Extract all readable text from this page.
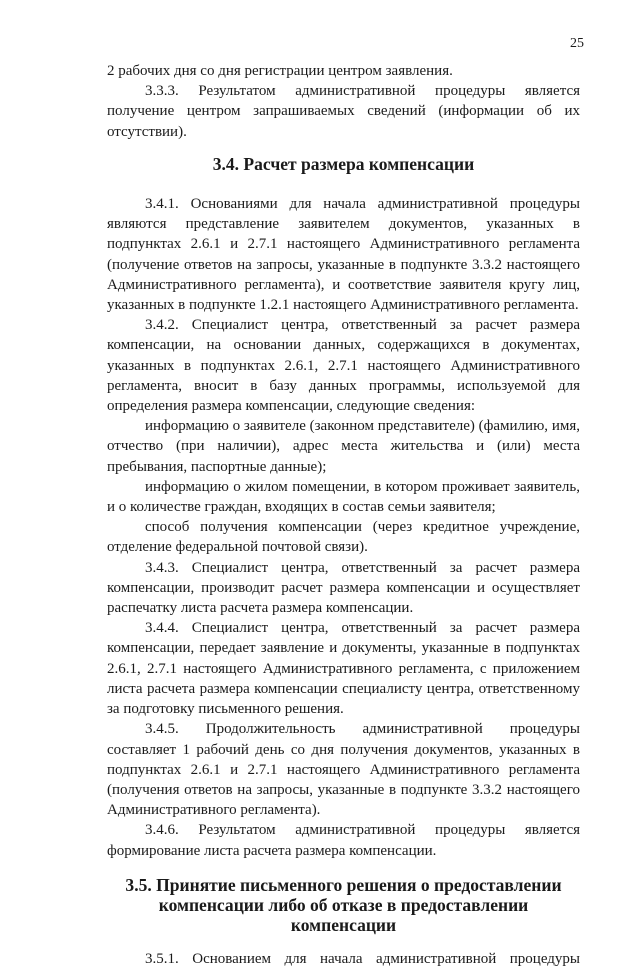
25

2 рабочих дня со дня регистрации центром заявления.

3.3.3. Результатом административной процедуры является получение центром запрашиваемых сведений (информации об их отсутствии).

3.4. Расчет размера компенсации

3.4.1. Основаниями для начала административной процедуры являются представление заявителем документов, указанных в подпунктах 2.6.1 и 2.7.1 настоящего Административного регламента (получение ответов на запросы, указанные в подпункте 3.3.2 настоящего Административного регламента), и соответствие заявителя кругу лиц, указанных в подпункте 1.2.1 настоящего Административного регламента.

3.4.2. Специалист центра, ответственный за расчет размера компенсации, на основании данных, содержащихся в документах, указанных в подпунктах 2.6.1, 2.7.1 настоящего Административного регламента, вносит в базу данных программы, используемой для определения размера компенсации, следующие сведения:

информацию о заявителе (законном представителе) (фамилию, имя, отчество (при наличии), адрес места жительства и (или) места пребывания, паспортные данные);

информацию о жилом помещении, в котором проживает заявитель, и о количестве граждан, входящих в состав семьи заявителя;

способ получения компенсации (через кредитное учреждение, отделение федеральной почтовой связи).

3.4.3. Специалист центра, ответственный за расчет размера компенсации, производит расчет размера компенсации и осуществляет распечатку листа расчета размера компенсации.

3.4.4. Специалист центра, ответственный за расчет размера компенсации, передает заявление и документы, указанные в подпунктах 2.6.1, 2.7.1 настоящего Административного регламента, с приложением листа расчета размера компенсации специалисту центра, ответственному за подготовку письменного решения.

3.4.5. Продолжительность административной процедуры составляет 1 рабочий день со дня получения документов, указанных в подпунктах 2.6.1 и 2.7.1 настоящего Административного регламента (получения ответов на запросы, указанные в подпункте 3.3.2 настоящего Административного регламента).

3.4.6. Результатом административной процедуры является формирование листа расчета размера компенсации.

3.5. Принятие письменного решения о предоставлении компенсации либо об отказе в предоставлении компенсации

3.5.1. Основанием для начала административной процедуры
